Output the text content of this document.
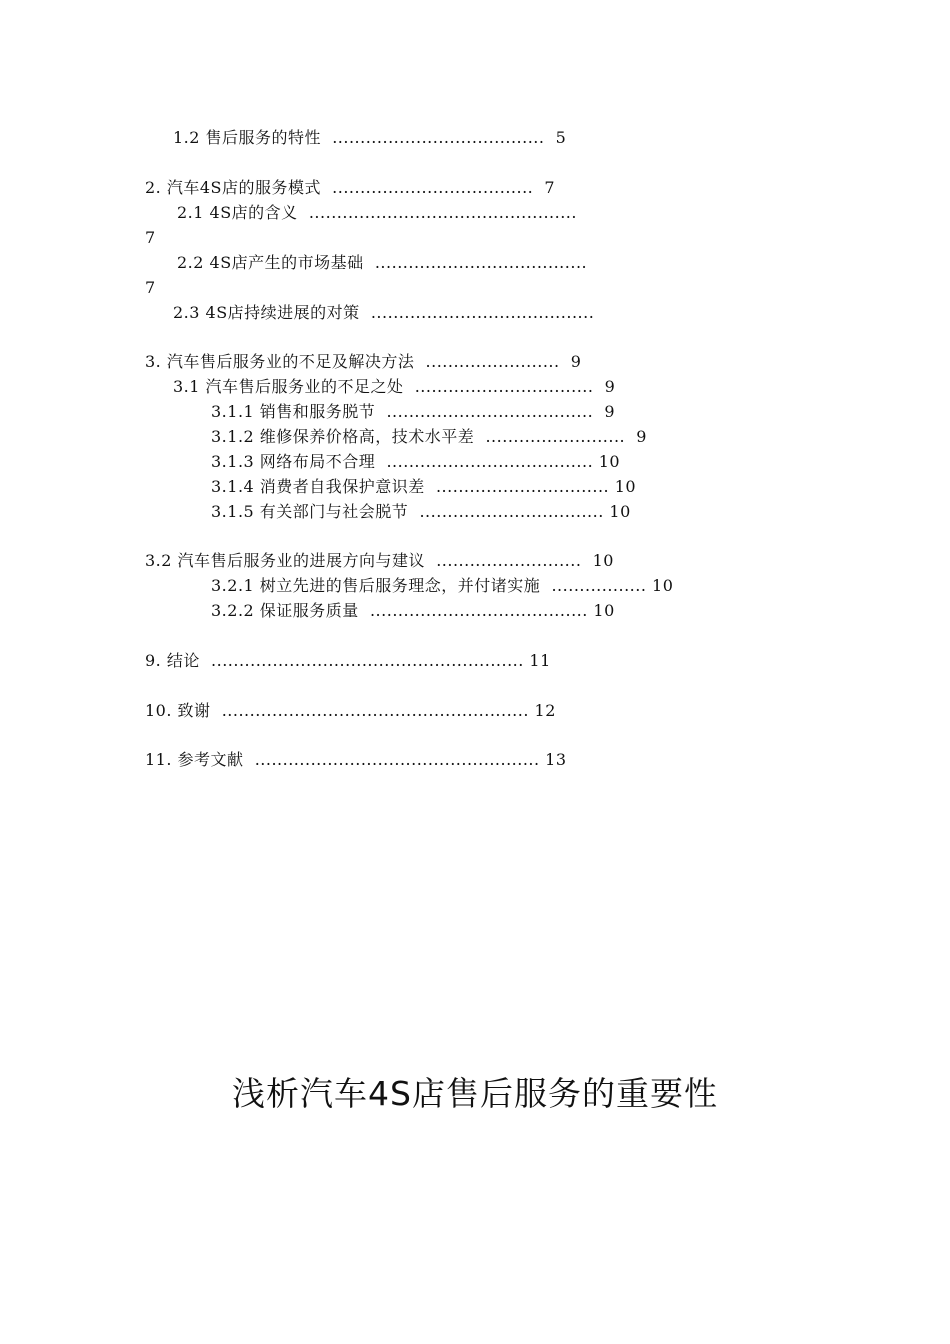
1.2 售后服务的特性  ......................................  5
2. 汽车4S店的服务模式  ....................................  7
2.1 4S店的含义  ................................................
7
2.2 4S店产生的市场基础  ......................................
7
2.3 4S店持续进展的对策  ........................................
3. 汽车售后服务业的不足及解决方法  ........................  9
3.1 汽车售后服务业的不足之处  ................................  9
3.1.1 销售和服务脱节  .....................................  9
3.1.2 维修保养价格高，技术水平差  .........................  9
3.1.3 网络布局不合理  ..................................... 10
3.1.4 消费者自我保护意识差  ............................... 10
3.1.5 有关部门与社会脱节  ................................. 10
3.2 汽车售后服务业的进展方向与建议  ..........................  10
3.2.1 树立先进的售后服务理念，并付诸实施  ................. 10
3.2.2 保证服务质量  ....................................... 10
9. 结论  ........................................................ 11
10. 致谢  ....................................................... 12
11. 参考文献  ................................................... 13
浅析汽车4S店售后服务的重要性
